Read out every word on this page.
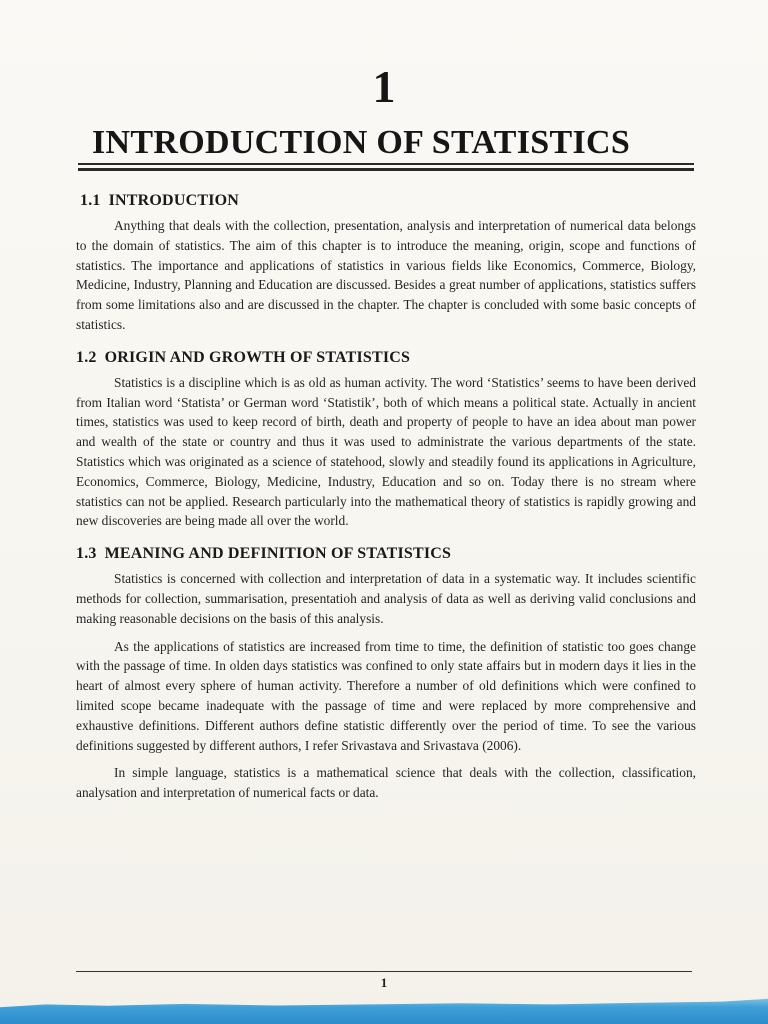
1
INTRODUCTION OF STATISTICS
1.1 INTRODUCTION

Anything that deals with the collection, presentation, analysis and interpretation of numerical data belongs to the domain of statistics. The aim of this chapter is to introduce the meaning, origin, scope and functions of statistics. The importance and applications of statistics in various fields like Economics, Commerce, Biology, Medicine, Industry, Planning and Education are discussed. Besides a great number of applications, statistics suffers from some limitations also and are discussed in the chapter. The chapter is concluded with some basic concepts of statistics.

1.2 ORIGIN AND GROWTH OF STATISTICS

Statistics is a discipline which is as old as human activity. The word ‘Statistics’ seems to have been derived from Italian word ‘Statista’ or German word ‘Statistik’, both of which means a political state. Actually in ancient times, statistics was used to keep record of birth, death and property of people to have an idea about man power and wealth of the state or country and thus it was used to administrate the various departments of the state. Statistics which was originated as a science of statehood, slowly and steadily found its applications in Agriculture, Economics, Commerce, Biology, Medicine, Industry, Education and so on. Today there is no stream where statistics can not be applied. Research particularly into the mathematical theory of statistics is rapidly growing and new discoveries are being made all over the world.

1.3 MEANING AND DEFINITION OF STATISTICS

Statistics is concerned with collection and interpretation of data in a systematic way. It includes scientific methods for collection, summarisation, presentatioh and analysis of data as well as deriving valid conclusions and making reasonable decisions on the basis of this analysis.

As the applications of statistics are increased from time to time, the definition of statistic too goes change with the passage of time. In olden days statistics was confined to only state affairs but in modern days it lies in the heart of almost every sphere of human activity. Therefore a number of old definitions which were confined to limited scope became inadequate with the passage of time and were replaced by more comprehensive and exhaustive definitions. Different authors define statistic differently over the period of time. To see the various definitions suggested by different authors, I refer Srivastava and Srivastava (2006).

In simple language, statistics is a mathematical science that deals with the collection, classification, analysation and interpretation of numerical facts or data.

1
